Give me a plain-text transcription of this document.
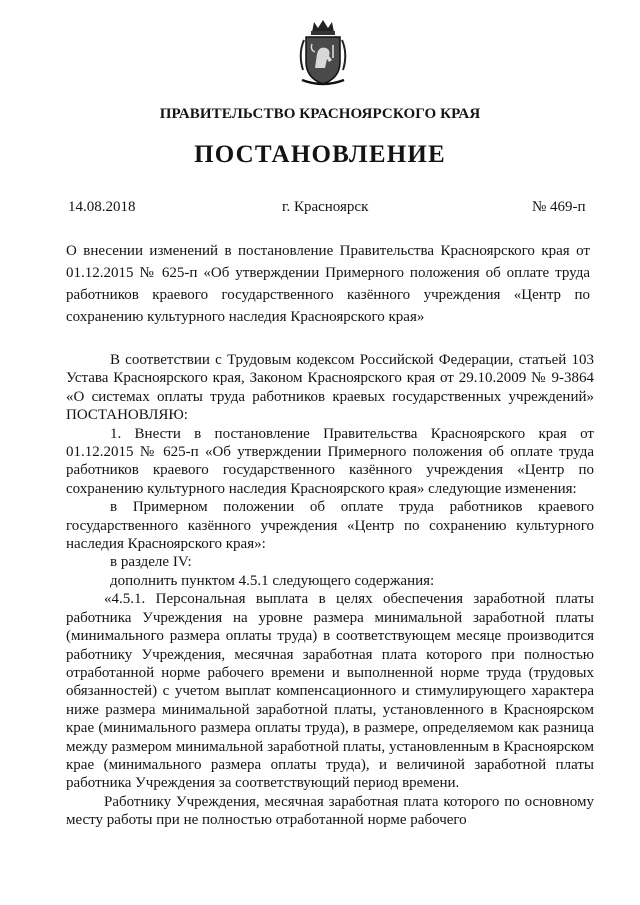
ПРАВИТЕЛЬСТВО КРАСНОЯРСКОГО КРАЯ
ПОСТАНОВЛЕНИЕ
14.08.2018	г. Красноярск	№ 469-п
О внесении изменений в постановление Правительства Красноярского края от 01.12.2015 № 625-п «Об утверждении Примерного положения об оплате труда работников краевого государственного казённого учреждения «Центр по сохранению культурного наследия Красноярского края»

В соответствии с Трудовым кодексом Российской Федерации, статьей 103 Устава Красноярского края, Законом Красноярского края от 29.10.2009 № 9-3864 «О системах оплаты труда работников краевых государственных учреждений» ПОСТАНОВЛЯЮ:

1. Внести в постановление Правительства Красноярского края от 01.12.2015 № 625-п «Об утверждении Примерного положения об оплате труда работников краевого государственного казённого учреждения «Центр по сохранению культурного наследия Красноярского края» следующие изменения:

в Примерном положении об оплате труда работников краевого государственного казённого учреждения «Центр по сохранению культурного наследия Красноярского края»:

в разделе IV:

дополнить пунктом 4.5.1 следующего содержания:

«4.5.1. Персональная выплата в целях обеспечения заработной платы работника Учреждения на уровне размера минимальной заработной платы (минимального размера оплаты труда) в соответствующем месяце производится работнику Учреждения, месячная заработная плата которого при полностью отработанной норме рабочего времени и выполненной норме труда (трудовых обязанностей) с учетом выплат компенсационного и стимулирующего характера ниже размера минимальной заработной платы, установленного в Красноярском крае (минимального размера оплаты труда), в размере, определяемом как разница между размером минимальной заработной платы, установленным в Красноярском крае (минимального размера оплаты труда), и величиной заработной платы работника Учреждения за соответствующий период времени.

Работнику Учреждения, месячная заработная плата которого по основному месту работы при не полностью отработанной норме рабочего
